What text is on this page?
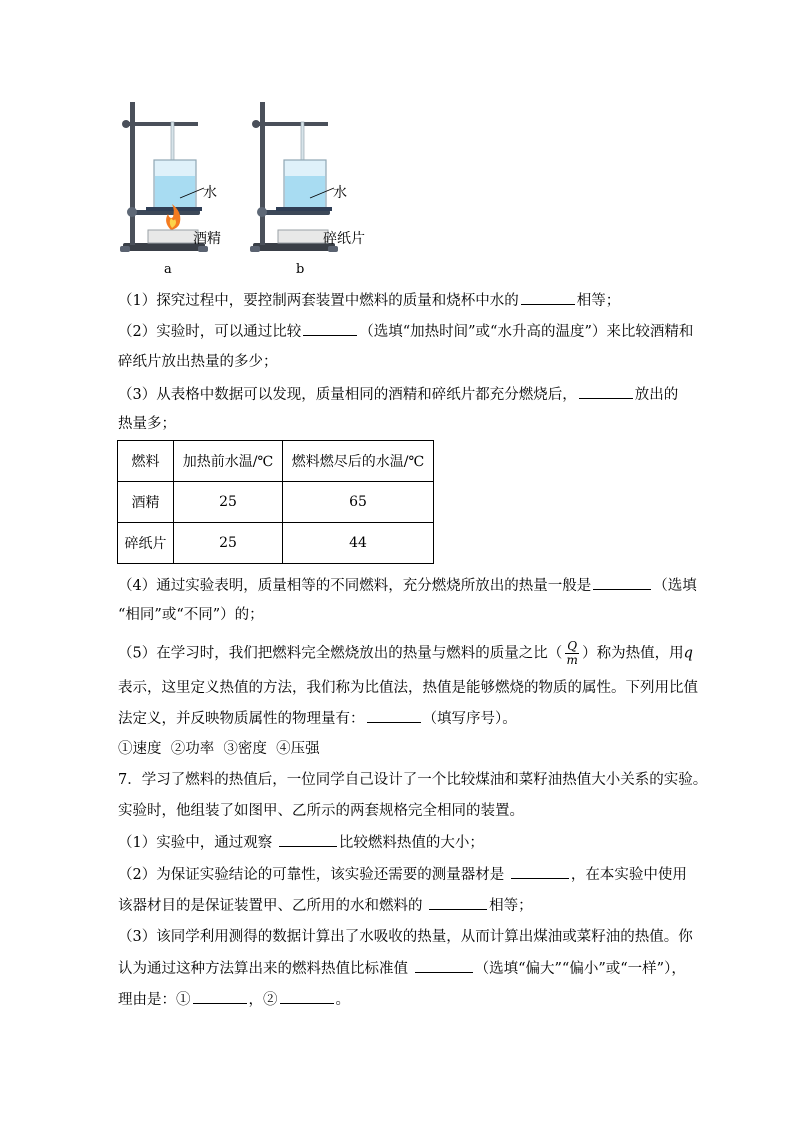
水
酒精
a
水
碎纸片
b
（1）探究过程中，要控制两套装置中燃料的质量和烧杯中水的	相等；
（2）实验时，可以通过比较	（选填“加热时间”或“水升高的温度”）来比较酒精和
碎纸片放出热量的多少；
（3）从表格中数据可以发现，质量相同的酒精和碎纸片都充分燃烧后，	放出的
热量多；
燃料	加热前水温/℃	燃料燃尽后的水温/℃
酒精	25	65
碎纸片	25	44
（4）通过实验表明，质量相等的不同燃料，充分燃烧所放出的热量一般是	（选填
“相同”或“不同”）的；
（5）在学习时，我们把燃料完全燃烧放出的热量与燃料的质量之比（ $\frac{Q}{m}$ ）称为热值，用q
表示，这里定义热值的方法，我们称为比值法，热值是能够燃烧的物质的属性。下列用比值
法定义，并反映物质属性的物理量有：	（填写序号）。
①速度  ②功率  ③密度  ④压强
7．学习了燃料的热值后，一位同学自己设计了一个比较煤油和菜籽油热值大小关系的实验。
实验时，他组装了如图甲、乙所示的两套规格完全相同的装置。
（1）实验中，通过观察	比较燃料热值的大小；
（2）为保证实验结论的可靠性，该实验还需要的测量器材是	，在本实验中使用
该器材目的是保证装置甲、乙所用的水和燃料的	相等；
（3）该同学利用测得的数据计算出了水吸收的热量，从而计算出煤油或菜籽油的热值。你
认为通过这种方法算出来的燃料热值比标准值	（选填“偏大”“偏小”或“一样”），
理由是：①	，②	。
